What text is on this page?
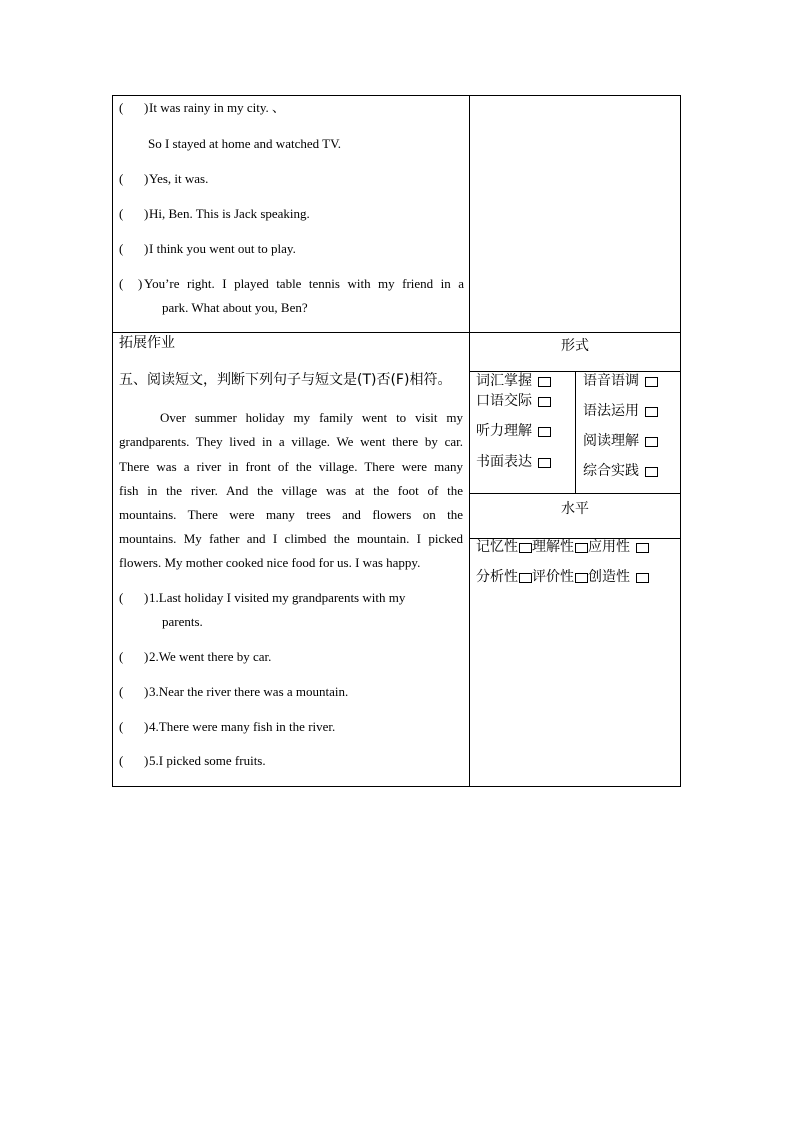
( ) It was rainy in my city. 、
So I stayed at home and watched TV.
( ) Yes, it was.
( ) Hi, Ben. This is Jack speaking.
( ) I think you went out to play.
( ) You’re right. I played table tennis with my friend in a
park. What about you, Ben?
拓展作业
五、阅读短文，判断下列句子与短文是(T)否(F)相符。
Over summer holiday my family went to visit my
grandparents. They lived in a village. We went there by car.
There was a river in front of the village. There were many
fish in the river. And the village was at the foot of the
mountains. There were many trees and flowers on the
mountains. My father and I climbed the mountain. I picked
flowers. My mother cooked nice food for us. I was happy.
( ) 1.Last holiday I visited my grandparents with my
parents.
( ) 2.We went there by car.
( ) 3.Near the river there was a mountain.
( ) 4.There were many fish in the river.
( ) 5.I picked some fruits.
形式
词汇掌握
口语交际
听力理解
书面表达
语音语调
语法运用
阅读理解
综合实践
水平
记忆性 理解性 应用性
分析性 评价性 创造性
